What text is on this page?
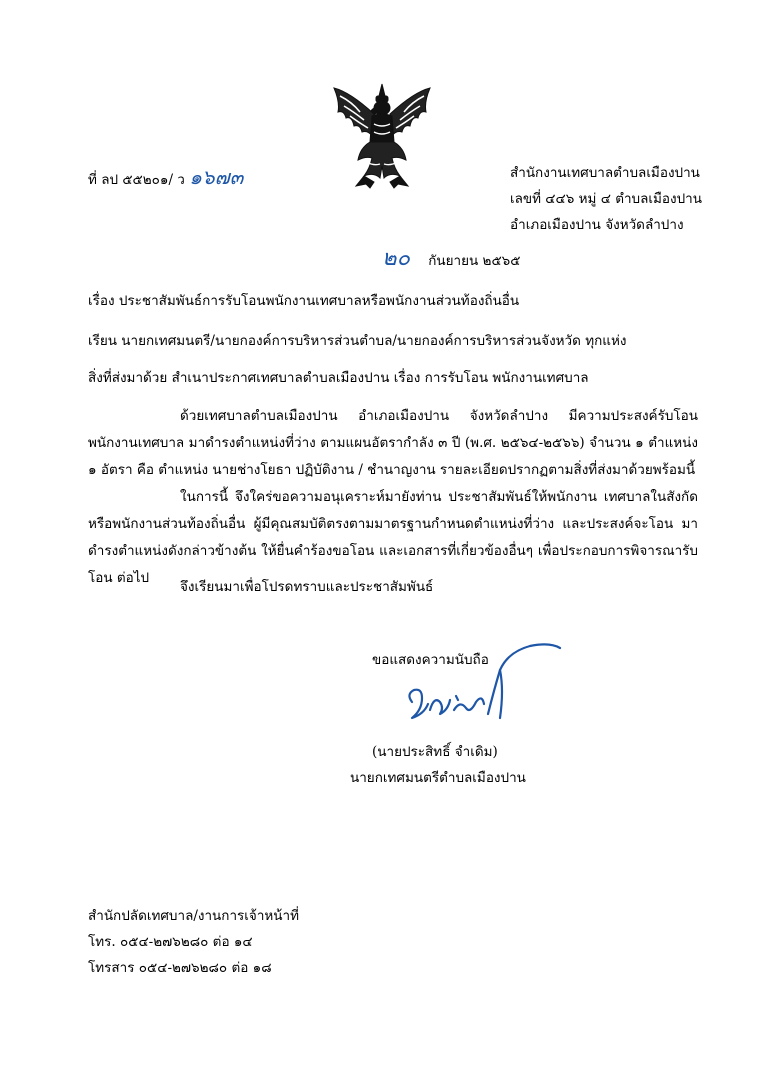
ที่ ลป ๕๕๒๐๑/ ว ๑๖๗๓	สำนักงานเทศบาลตำบลเมืองปาน
เลขที่ ๔๔๖ หมู่ ๔ ตำบลเมืองปาน
อำเภอเมืองปาน จังหวัดลำปาง
๒๐ กันยายน ๒๕๖๕
เรื่อง ประชาสัมพันธ์การรับโอนพนักงานเทศบาลหรือพนักงานส่วนท้องถิ่นอื่น
เรียน นายกเทศมนตรี/นายกองค์การบริหารส่วนตำบล/นายกองค์การบริหารส่วนจังหวัด ทุกแห่ง
สิ่งที่ส่งมาด้วย สำเนาประกาศเทศบาลตำบลเมืองปาน เรื่อง การรับโอน พนักงานเทศบาล
ด้วยเทศบาลตำบลเมืองปาน อำเภอเมืองปาน จังหวัดลำปาง มีความประสงค์รับโอน พนักงานเทศบาล มาดำรงตำแหน่งที่ว่าง ตามแผนอัตรากำลัง ๓ ปี (พ.ศ. ๒๕๖๔-๒๕๖๖) จำนวน ๑ ตำแหน่ง ๑ อัตรา คือ ตำแหน่ง นายช่างโยธา ปฏิบัติงาน / ชำนาญงาน รายละเอียดปรากฏตามสิ่งที่ส่งมาด้วยพร้อมนี้
ในการนี้ จึงใคร่ขอความอนุเคราะห์มายังท่าน ประชาสัมพันธ์ให้พนักงาน เทศบาลในสังกัด หรือพนักงานส่วนท้องถิ่นอื่น ผู้มีคุณสมบัติตรงตามมาตรฐานกำหนดตำแหน่งที่ว่าง และประสงค์จะโอน มาดำรงตำแหน่งดังกล่าวข้างต้น ให้ยื่นคำร้องขอโอน และเอกสารที่เกี่ยวข้องอื่นๆ เพื่อประกอบการพิจารณารับโอน ต่อไป
จึงเรียนมาเพื่อโปรดทราบและประชาสัมพันธ์
ขอแสดงความนับถือ
(นายประสิทธิ์ จำเดิม)
นายกเทศมนตรีตำบลเมืองปาน
สำนักปลัดเทศบาล/งานการเจ้าหน้าที่
โทร. ๐๕๔-๒๗๖๒๘๐ ต่อ ๑๔
โทรสาร ๐๕๔-๒๗๖๒๘๐ ต่อ ๑๘
